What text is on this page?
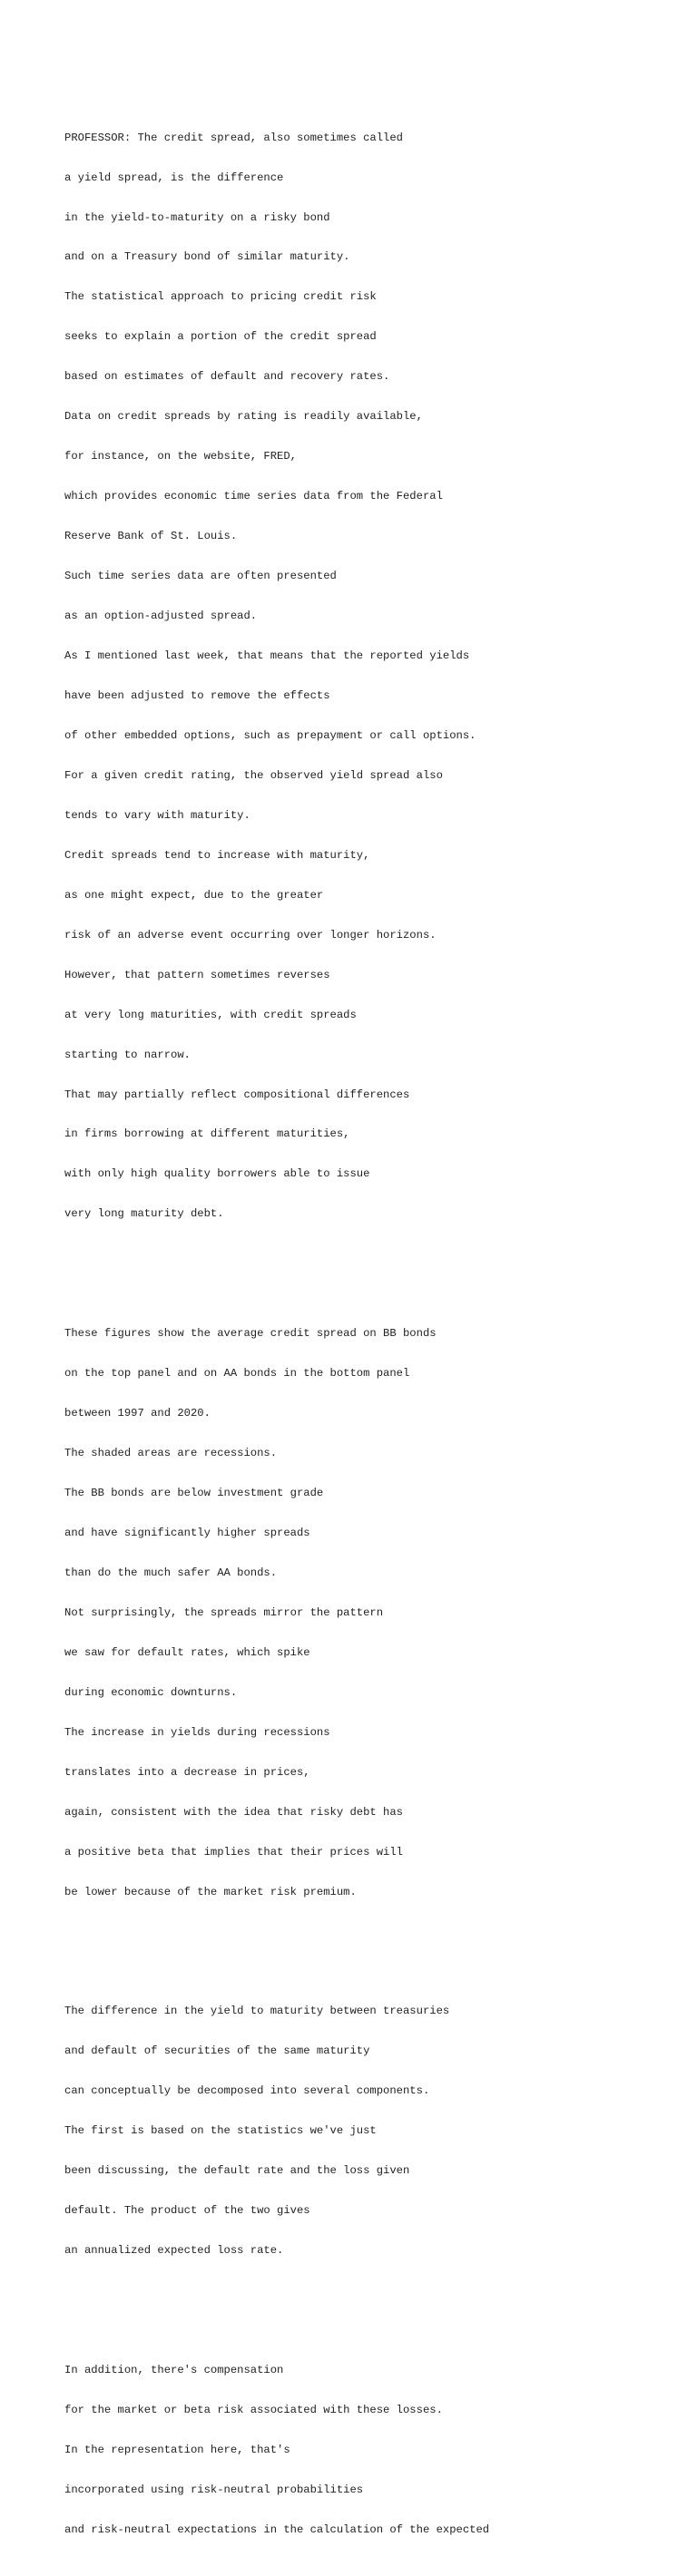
PROFESSOR: The credit spread, also sometimes called

a yield spread, is the difference

in the yield-to-maturity on a risky bond

and on a Treasury bond of similar maturity.

The statistical approach to pricing credit risk

seeks to explain a portion of the credit spread

based on estimates of default and recovery rates.

Data on credit spreads by rating is readily available,

for instance, on the website, FRED,

which provides economic time series data from the Federal

Reserve Bank of St. Louis.

Such time series data are often presented

as an option-adjusted spread.

As I mentioned last week, that means that the reported yields

have been adjusted to remove the effects

of other embedded options, such as prepayment or call options.

For a given credit rating, the observed yield spread also

tends to vary with maturity.

Credit spreads tend to increase with maturity,

as one might expect, due to the greater

risk of an adverse event occurring over longer horizons.

However, that pattern sometimes reverses

at very long maturities, with credit spreads

starting to narrow.

That may partially reflect compositional differences

in firms borrowing at different maturities,

with only high quality borrowers able to issue

very long maturity debt.

These figures show the average credit spread on BB bonds

on the top panel and on AA bonds in the bottom panel

between 1997 and 2020.

The shaded areas are recessions.

The BB bonds are below investment grade

and have significantly higher spreads

than do the much safer AA bonds.

Not surprisingly, the spreads mirror the pattern

we saw for default rates, which spike

during economic downturns.

The increase in yields during recessions

translates into a decrease in prices,

again, consistent with the idea that risky debt has

a positive beta that implies that their prices will

be lower because of the market risk premium.

The difference in the yield to maturity between treasuries

and default of securities of the same maturity

can conceptually be decomposed into several components.

The first is based on the statistics we've just

been discussing, the default rate and the loss given

default. The product of the two gives

an annualized expected loss rate.

In addition, there's compensation

for the market or beta risk associated with these losses.

In the representation here, that's

incorporated using risk-neutral probabilities

and risk-neutral expectations in the calculation of the expected
